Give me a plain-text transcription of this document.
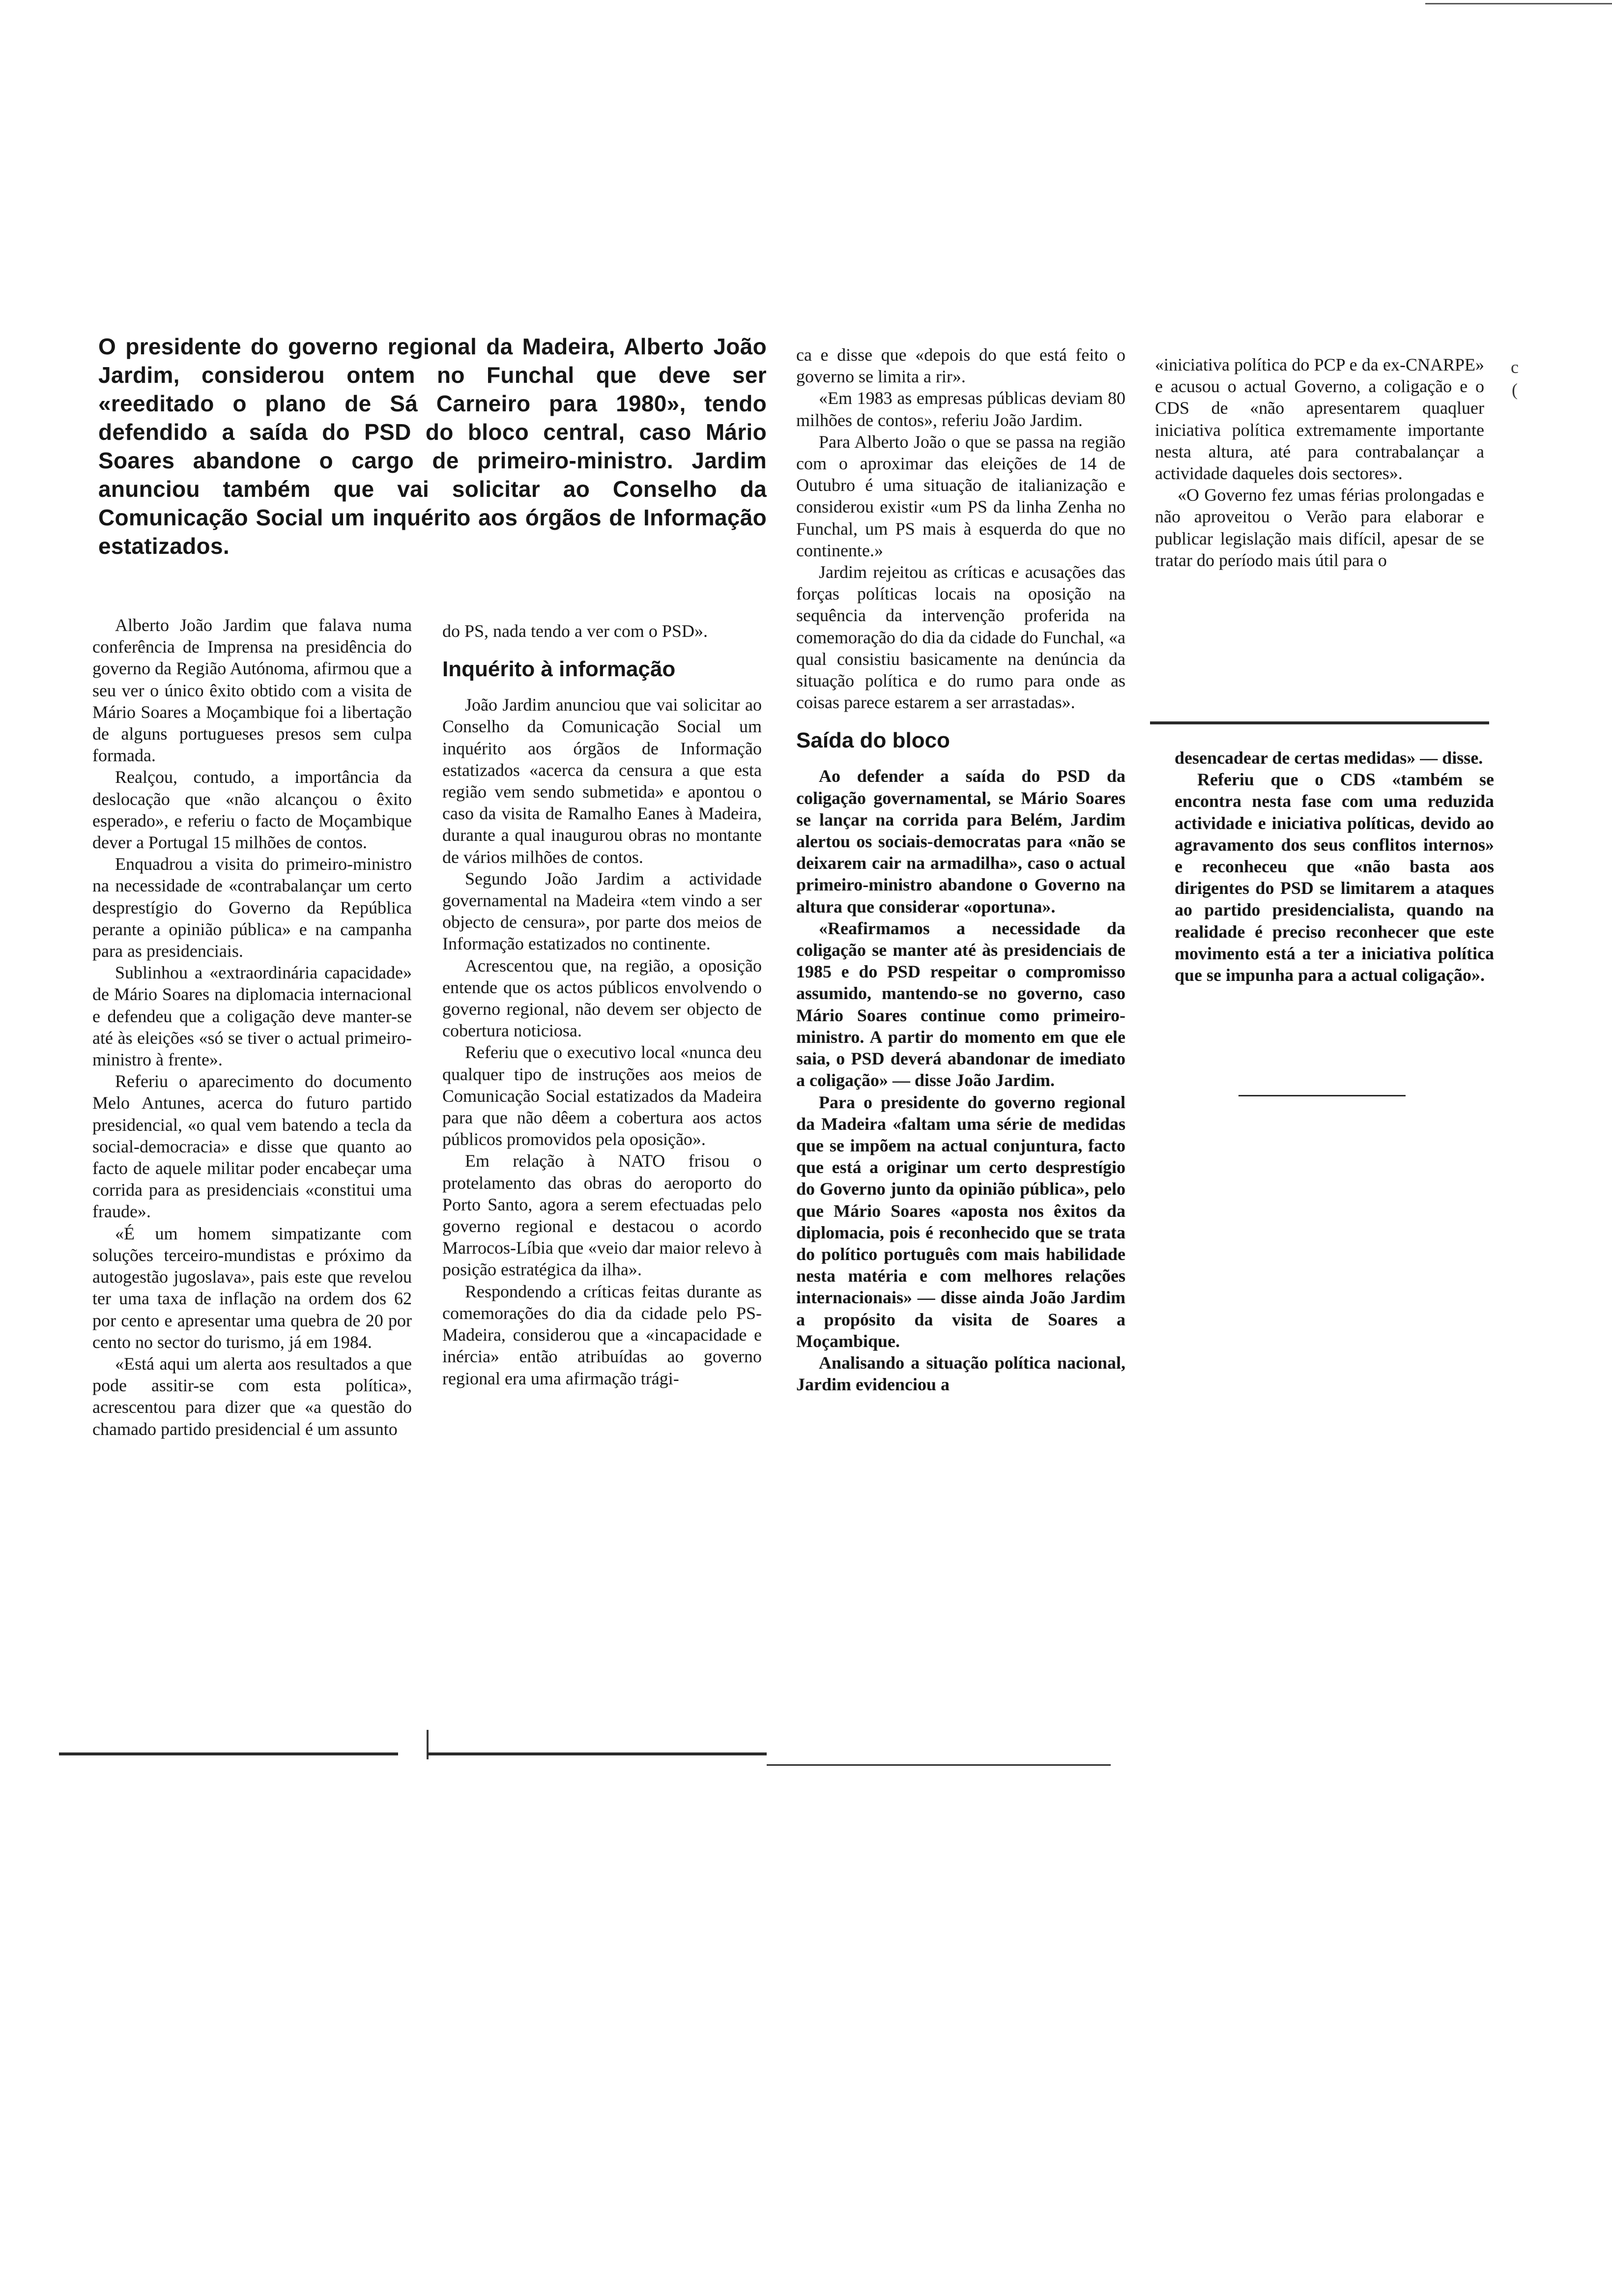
O presidente do governo regional da Madeira, Alberto João Jardim, considerou ontem no Funchal que deve ser «reeditado o plano de Sá Carneiro para 1980», tendo defendido a saída do PSD do bloco central, caso Mário Soares abandone o cargo de primeiro-ministro. Jardim anunciou também que vai solicitar ao Conselho da Comunicação Social um inquérito aos órgãos de Informação estatizados.

Alberto João Jardim que falava numa conferência de Imprensa na presidência do governo da Região Autónoma, afirmou que a seu ver o único êxito obtido com a visita de Mário Soares a Moçambique foi a libertação de alguns portugueses presos sem culpa formada.

Realçou, contudo, a importância da deslocação que «não alcançou o êxito esperado», e referiu o facto de Moçambique dever a Portugal 15 milhões de contos.

Enquadrou a visita do primeiro-ministro na necessidade de «contrabalançar um certo desprestígio do Governo da República perante a opinião pública» e na campanha para as presidenciais.

Sublinhou a «extraordinária capacidade» de Mário Soares na diplomacia internacional e defendeu que a coligação deve manter-se até às eleições «só se tiver o actual primeiro-ministro à frente».

Referiu o aparecimento do documento Melo Antunes, acerca do futuro partido presidencial, «o qual vem batendo a tecla da social-democracia» e disse que quanto ao facto de aquele militar poder encabeçar uma corrida para as presidenciais «constitui uma fraude».

«É um homem simpatizante com soluções terceiro-mundistas e próximo da autogestão jugoslava», pais este que revelou ter uma taxa de inflação na ordem dos 62 por cento e apresentar uma quebra de 20 por cento no sector do turismo, já em 1984.

«Está aqui um alerta aos resultados a que pode assitir-se com esta política», acrescentou para dizer que «a questão do chamado partido presidencial é um assunto

do PS, nada tendo a ver com o PSD».

Inquérito à informação

João Jardim anunciou que vai solicitar ao Conselho da Comunicação Social um inquérito aos órgãos de Informação estatizados «acerca da censura a que esta região vem sendo submetida» e apontou o caso da visita de Ramalho Eanes à Madeira, durante a qual inaugurou obras no montante de vários milhões de contos.

Segundo João Jardim a actividade governamental na Madeira «tem vindo a ser objecto de censura», por parte dos meios de Informação estatizados no continente.

Acrescentou que, na região, a oposição entende que os actos públicos envolvendo o governo regional, não devem ser objecto de cobertura noticiosa.

Referiu que o executivo local «nunca deu qualquer tipo de instruções aos meios de Comunicação Social estatizados da Madeira para que não dêem a cobertura aos actos públicos promovidos pela oposição».

Em relação à NATO frisou o protelamento das obras do aeroporto do Porto Santo, agora a serem efectuadas pelo governo regional e destacou o acordo Marrocos-Líbia que «veio dar maior relevo à posição estratégica da ilha».

Respondendo a críticas feitas durante as comemorações do dia da cidade pelo PS-Madeira, considerou que a «incapacidade e inércia» então atribuídas ao governo regional era uma afirmação trági-

ca e disse que «depois do que está feito o governo se limita a rir».

«Em 1983 as empresas públicas deviam 80 milhões de contos», referiu João Jardim.

Para Alberto João o que se passa na região com o aproximar das eleições de 14 de Outubro é uma situação de italianização e considerou existir «um PS da linha Zenha no Funchal, um PS mais à esquerda do que no continente.»

Jardim rejeitou as críticas e acusações das forças políticas locais na oposição na sequência da intervenção proferida na comemoração do dia da cidade do Funchal, «a qual consistiu basicamente na denúncia da situação política e do rumo para onde as coisas parece estarem a ser arrastadas».

Saída do bloco

Ao defender a saída do PSD da coligação governamental, se Mário Soares se lançar na corrida para Belém, Jardim alertou os sociais-democratas para «não se deixarem cair na armadilha», caso o actual primeiro-ministro abandone o Governo na altura que considerar «oportuna».

«Reafirmamos a necessidade da coligação se manter até às presidenciais de 1985 e do PSD respeitar o compromisso assumido, mantendo-se no governo, caso Mário Soares continue como primeiro-ministro. A partir do momento em que ele saia, o PSD deverá abandonar de imediato a coligação» — disse João Jardim.

Para o presidente do governo regional da Madeira «faltam uma série de medidas que se impõem na actual conjuntura, facto que está a originar um certo desprestígio do Governo junto da opinião pública», pelo que Mário Soares «aposta nos êxitos da diplomacia, pois é reconhecido que se trata do político português com mais habilidade nesta matéria e com melhores relações internacionais» — disse ainda João Jardim a propósito da visita de Soares a Moçambique.

Analisando a situação política nacional, Jardim evidenciou a

«iniciativa política do PCP e da ex-CNARPE» e acusou o actual Governo, a coligação e o CDS de «não apresentarem quaqluer iniciativa política extremamente importante nesta altura, até para contrabalançar a actividade daqueles dois sectores».

«O Governo fez umas férias prolongadas e não aproveitou o Verão para elaborar e publicar legislação mais difícil, apesar de se tratar do período mais útil para o

desencadear de certas medidas» — disse.

Referiu que o CDS «também se encontra nesta fase com uma reduzida actividade e iniciativa políticas, devido ao agravamento dos seus conflitos internos» e reconheceu que «não basta aos dirigentes do PSD se limitarem a ataques ao partido presidencialista, quando na realidade é preciso reconhecer que este movimento está a ter a iniciativa política que se impunha para a actual coligação».

c
(
